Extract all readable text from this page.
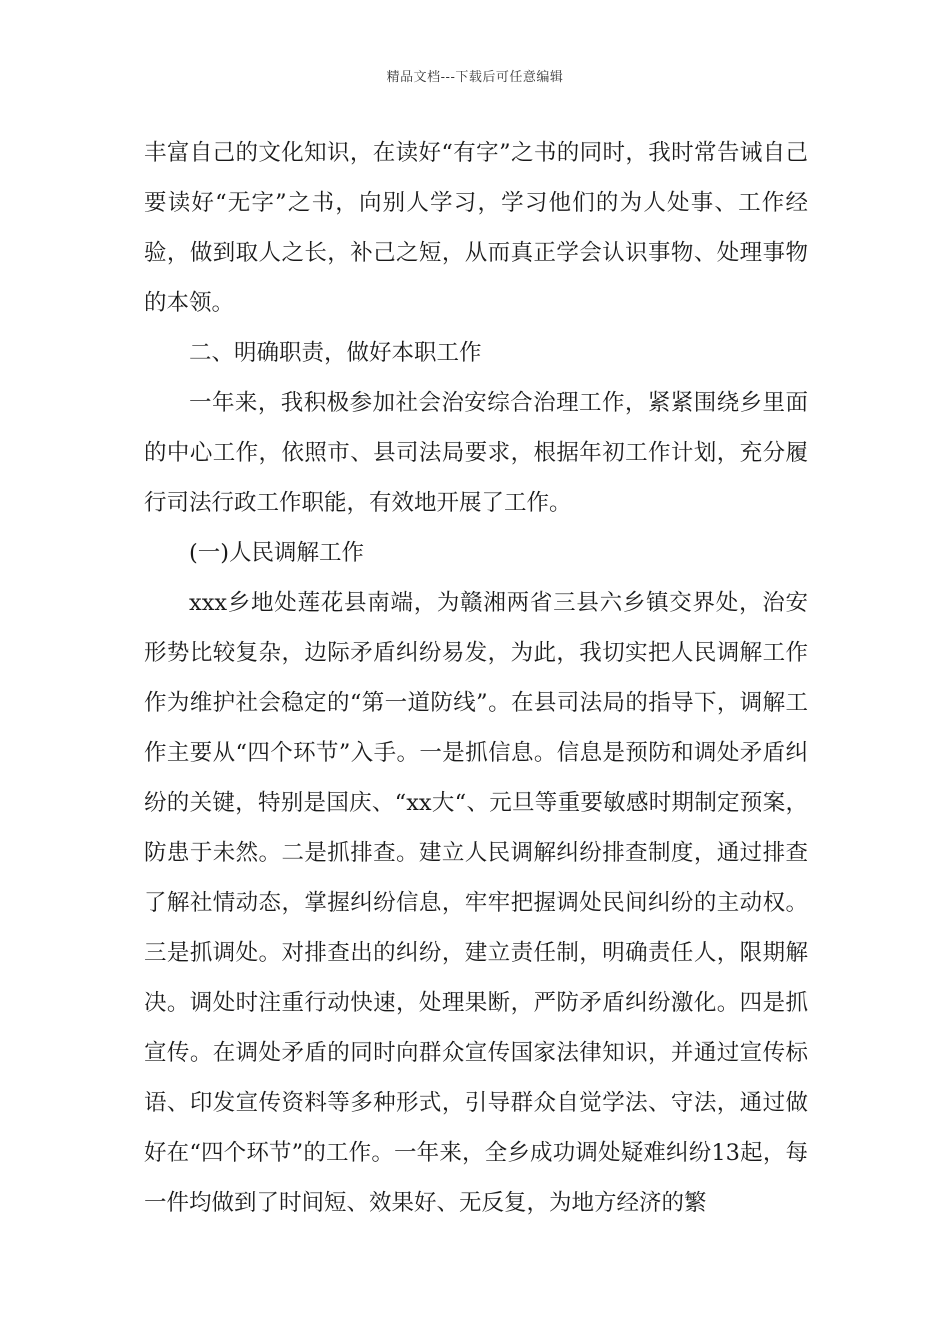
精品文档---下载后可任意编辑

丰富自己的文化知识，在读好“有字”之书的同时，我时常告诫自己要读好“无字”之书，向别人学习，学习他们的为人处事、工作经验，做到取人之长，补己之短，从而真正学会认识事物、处理事物的本领。

二、明确职责，做好本职工作

一年来，我积极参加社会治安综合治理工作，紧紧围绕乡里面的中心工作，依照市、县司法局要求，根据年初工作计划，充分履行司法行政工作职能，有效地开展了工作。

(一)人民调解工作

xxx乡地处莲花县南端，为赣湘两省三县六乡镇交界处，治安形势比较复杂，边际矛盾纠纷易发，为此，我切实把人民调解工作作为维护社会稳定的“第一道防线”。在县司法局的指导下，调解工作主要从“四个环节”入手。一是抓信息。信息是预防和调处矛盾纠纷的关键，特别是国庆、“xx大“、元旦等重要敏感时期制定预案，防患于未然。二是抓排查。建立人民调解纠纷排查制度，通过排查了解社情动态，掌握纠纷信息，牢牢把握调处民间纠纷的主动权。三是抓调处。对排查出的纠纷，建立责任制，明确责任人，限期解决。调处时注重行动快速，处理果断，严防矛盾纠纷激化。四是抓宣传。在调处矛盾的同时向群众宣传国家法律知识，并通过宣传标语、印发宣传资料等多种形式，引导群众自觉学法、守法，通过做好在“四个环节”的工作。一年来，全乡成功调处疑难纠纷13起，每一件均做到了时间短、效果好、无反复，为地方经济的繁
